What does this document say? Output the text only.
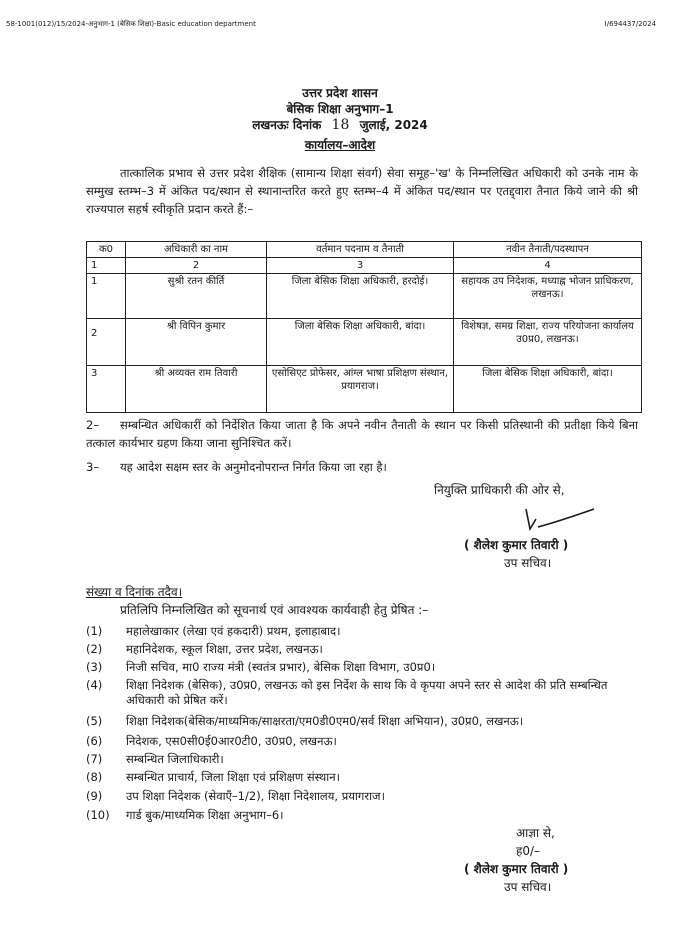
58-1001(012)/15/2024-अनुभाग-1 (बेसिक शिक्षा)-Basic education department	I/694437/2024
उत्तर प्रदेश शासन
बेसिक शिक्षा अनुभाग–1
लखनऊः दिनांक 18 जुलाई, 2024
कार्यालय–आदेश
तात्कालिक प्रभाव से उत्तर प्रदेश शैक्षिक (सामान्य शिक्षा संवर्ग) सेवा समूह–'ख' के निम्नलिखित अधिकारी को उनके नाम के सम्मुख स्तम्भ–3 में अंकित पद/स्थान से स्थानान्तरित करते हुए स्तम्भ–4 में अंकित पद/स्थान पर एतद्द्वारा तैनात किये जाने की श्री राज्यपाल सहर्ष स्वीकृति प्रदान करते हैं:–
क0	अधिकारी का नाम	वर्तमान पदनाम व तैनाती	नवीन तैनाती/पदस्थापन
1	2	3	4
1	सुश्री रतन कीर्ति	जिला बेसिक शिक्षा अधिकारी, हरदोई।	सहायक उप निदेशक, मध्याह्न भोजन प्राधिकरण, लखनऊ।
2	श्री विपिन कुमार	जिला बेसिक शिक्षा अधिकारी, बांदा।	विशेषज्ञ, समग्र शिक्षा, राज्य परियोजना कार्यालय उ0प्र0, लखनऊ।
3	श्री अव्यक्त राम तिवारी	एसोसिएट प्रोफेसर, आंग्ल भाषा प्रशिक्षण संस्थान, प्रयागराज।	जिला बेसिक शिक्षा अधिकारी, बांदा।
2– सम्बन्धित अधिकारीं को निर्देशित किया जाता है कि अपने नवीन तैनाती के स्थान पर किसी प्रतिस्थानी की प्रतीक्षा किये बिना तत्काल कार्यभार ग्रहण किया जाना सुनिश्चित करें।
3– यह आदेश सक्षम स्तर के अनुमोदनोपरान्त निर्गत किया जा रहा है।
नियुक्ति प्राधिकारी की ओर से,
( शैलेश कुमार तिवारी )
उप सचिव।
संख्या व दिनांक तदैव।
प्रतिलिपि निम्नलिखित को सूचनार्थ एवं आवश्यक कार्यवाही हेतु प्रेषित :–
(1) महालेखाकार (लेखा एवं हकदारी) प्रथम, इलाहाबाद।
(2) महानिदेशक, स्कूल शिक्षा, उत्तर प्रदेश, लखनऊ।
(3) निजी सचिव, मा0 राज्य मंत्री (स्वतंत्र प्रभार), बेसिक शिक्षा विभाग, उ0प्र0।
(4) शिक्षा निदेशक (बेसिक), उ0प्र0, लखनऊ को इस निर्देश के साथ कि वे कृपया अपने स्तर से आदेश की प्रति सम्बन्धित अधिकारी को प्रेषित करें।
(5) शिक्षा निदेशक(बेसिक/माध्यमिक/साक्षरता/एम0डी0एम0/सर्व शिक्षा अभियान), उ0प्र0, लखनऊ।
(6) निदेशक, एस0सी0ई0आर0टी0, उ0प्र0, लखनऊ।
(7) सम्बन्धित जिलाधिकारी।
(8) सम्बन्धित प्राचार्य, जिला शिक्षा एवं प्रशिक्षण संस्थान।
(9) उप शिक्षा निदेशक (सेवाएँ–1/2), शिक्षा निदेशालय, प्रयागराज।
(10) गार्ड बुक/माध्यमिक शिक्षा अनुभाग–6।
आज्ञा से,
ह0/–
( शैलेश कुमार तिवारी )
उप सचिव।
